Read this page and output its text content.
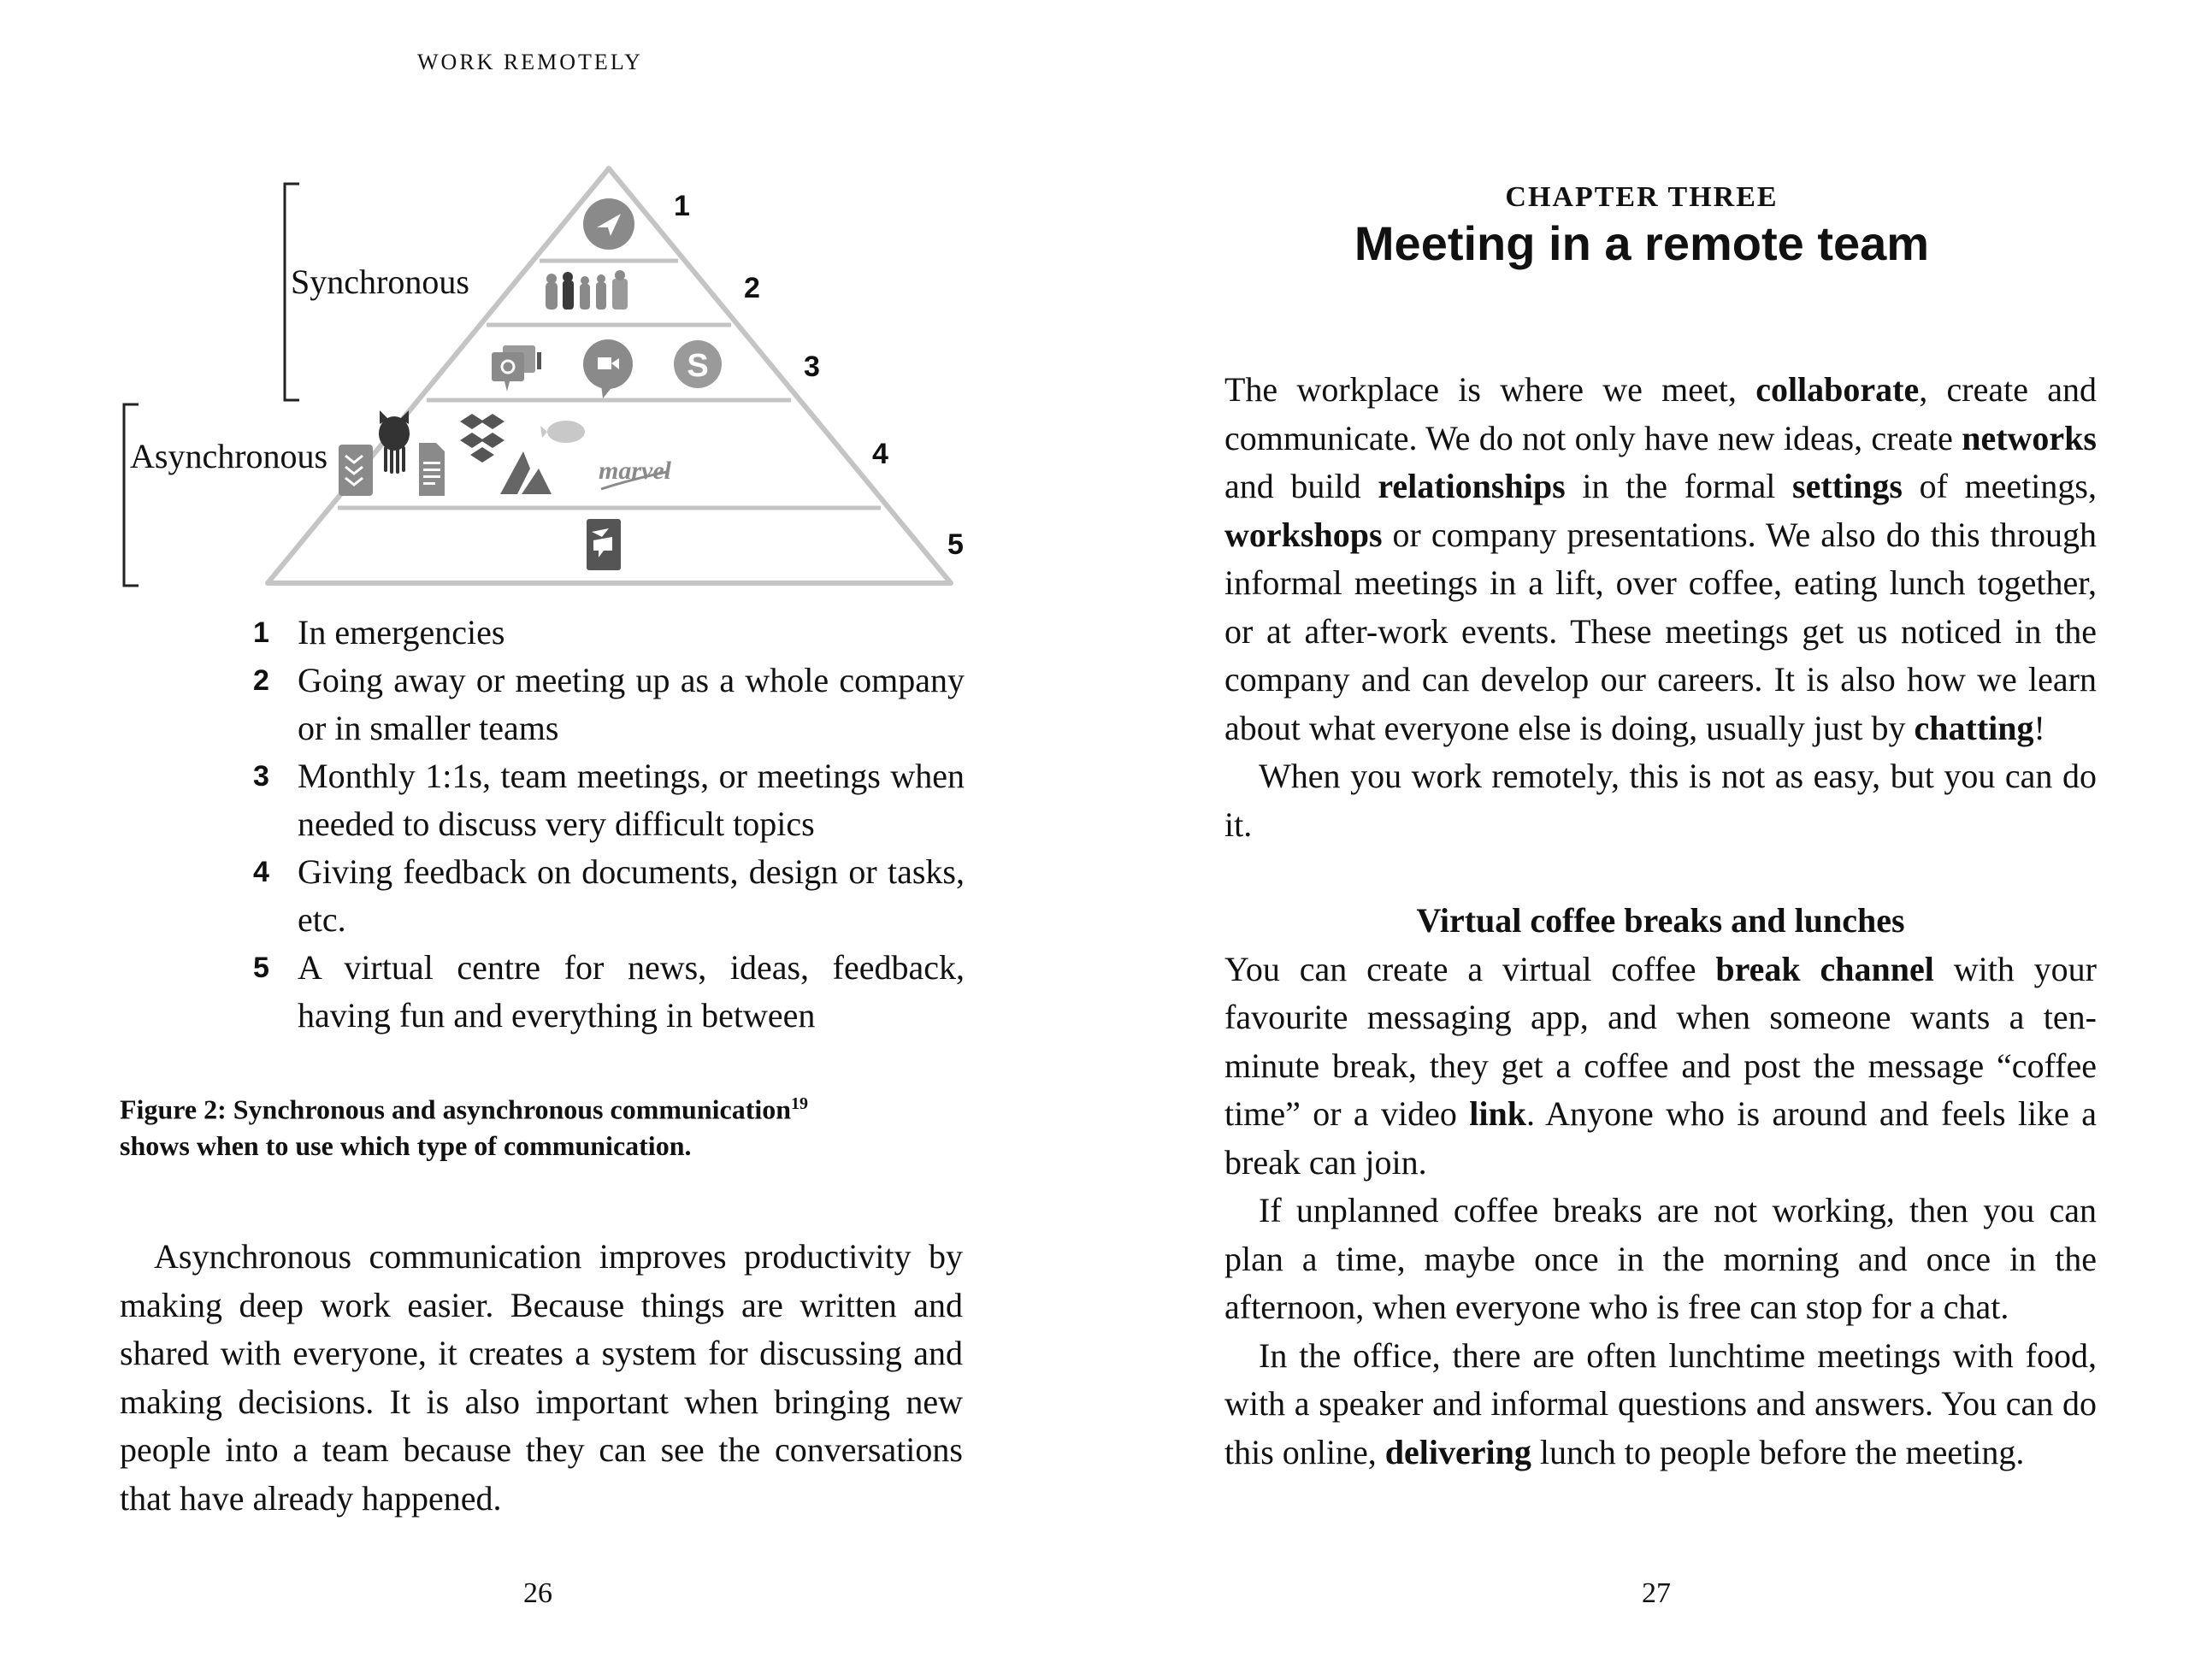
WORK REMOTELY
S
marvel
Synchronous
Asynchronous
1
2
3
4
5
1 In emergencies
2 Going away or meeting up as a whole company or in smaller teams
3 Monthly 1:1s, team meetings, or meetings when needed to discuss very difficult topics
4 Giving feedback on documents, design or tasks, etc.
5 A virtual centre for news, ideas, feedback, having fun and everything in between
Figure 2: Synchronous and asynchronous communication$^{19}$
shows when to use which type of communication.

Asynchronous communication improves productivity by making deep work easier. Because things are written and shared with everyone, it creates a system for discussing and making decisions. It is also important when bringing new people into a team because they can see the conversations that have already happened.

26
CHAPTER THREE
Meeting in a remote team

The workplace is where we meet, collaborate, create and communicate. We do not only have new ideas, create networks and build relationships in the formal settings of meetings, workshops or company presentations. We also do this through informal meetings in a lift, over coffee, eating lunch together, or at after-work events. These meetings get us noticed in the company and can develop our careers. It is also how we learn about what everyone else is doing, usually just by chatting!

When you work remotely, this is not as easy, but you can do it.

Virtual coffee breaks and lunches

You can create a virtual coffee break channel with your favourite messaging app, and when someone wants a ten-minute break, they get a coffee and post the message “coffee time” or a video link. Anyone who is around and feels like a break can join.

If unplanned coffee breaks are not working, then you can plan a time, maybe once in the morning and once in the afternoon, when everyone who is free can stop for a chat.

In the office, there are often lunchtime meetings with food, with a speaker and informal questions and answers. You can do this online, delivering lunch to people before the meeting.

27
